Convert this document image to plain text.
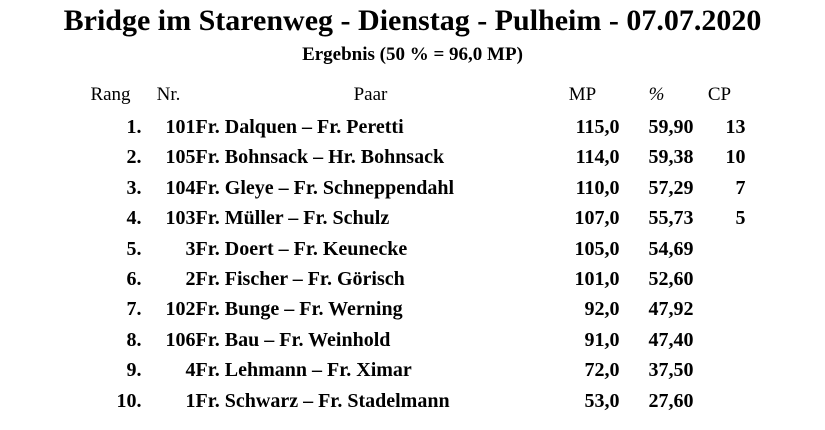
Bridge im Starenweg - Dienstag - Pulheim - 07.07.2020
Ergebnis (50 % = 96,0 MP)
Rang	Nr.	Paar	MP	%	CP
1.	101	Fr. Dalquen – Fr. Peretti	115,0	59,90	13
2.	105	Fr. Bohnsack – Hr. Bohnsack	114,0	59,38	10
3.	104	Fr. Gleye – Fr. Schneppendahl	110,0	57,29	7
4.	103	Fr. Müller – Fr. Schulz	107,0	55,73	5
5.	3	Fr. Doert – Fr. Keunecke	105,0	54,69	
6.	2	Fr. Fischer – Fr. Görisch	101,0	52,60	
7.	102	Fr. Bunge – Fr. Werning	92,0	47,92	
8.	106	Fr. Bau – Fr. Weinhold	91,0	47,40	
9.	4	Fr. Lehmann – Fr. Ximar	72,0	37,50	
10.	1	Fr. Schwarz – Fr. Stadelmann	53,0	27,60	
